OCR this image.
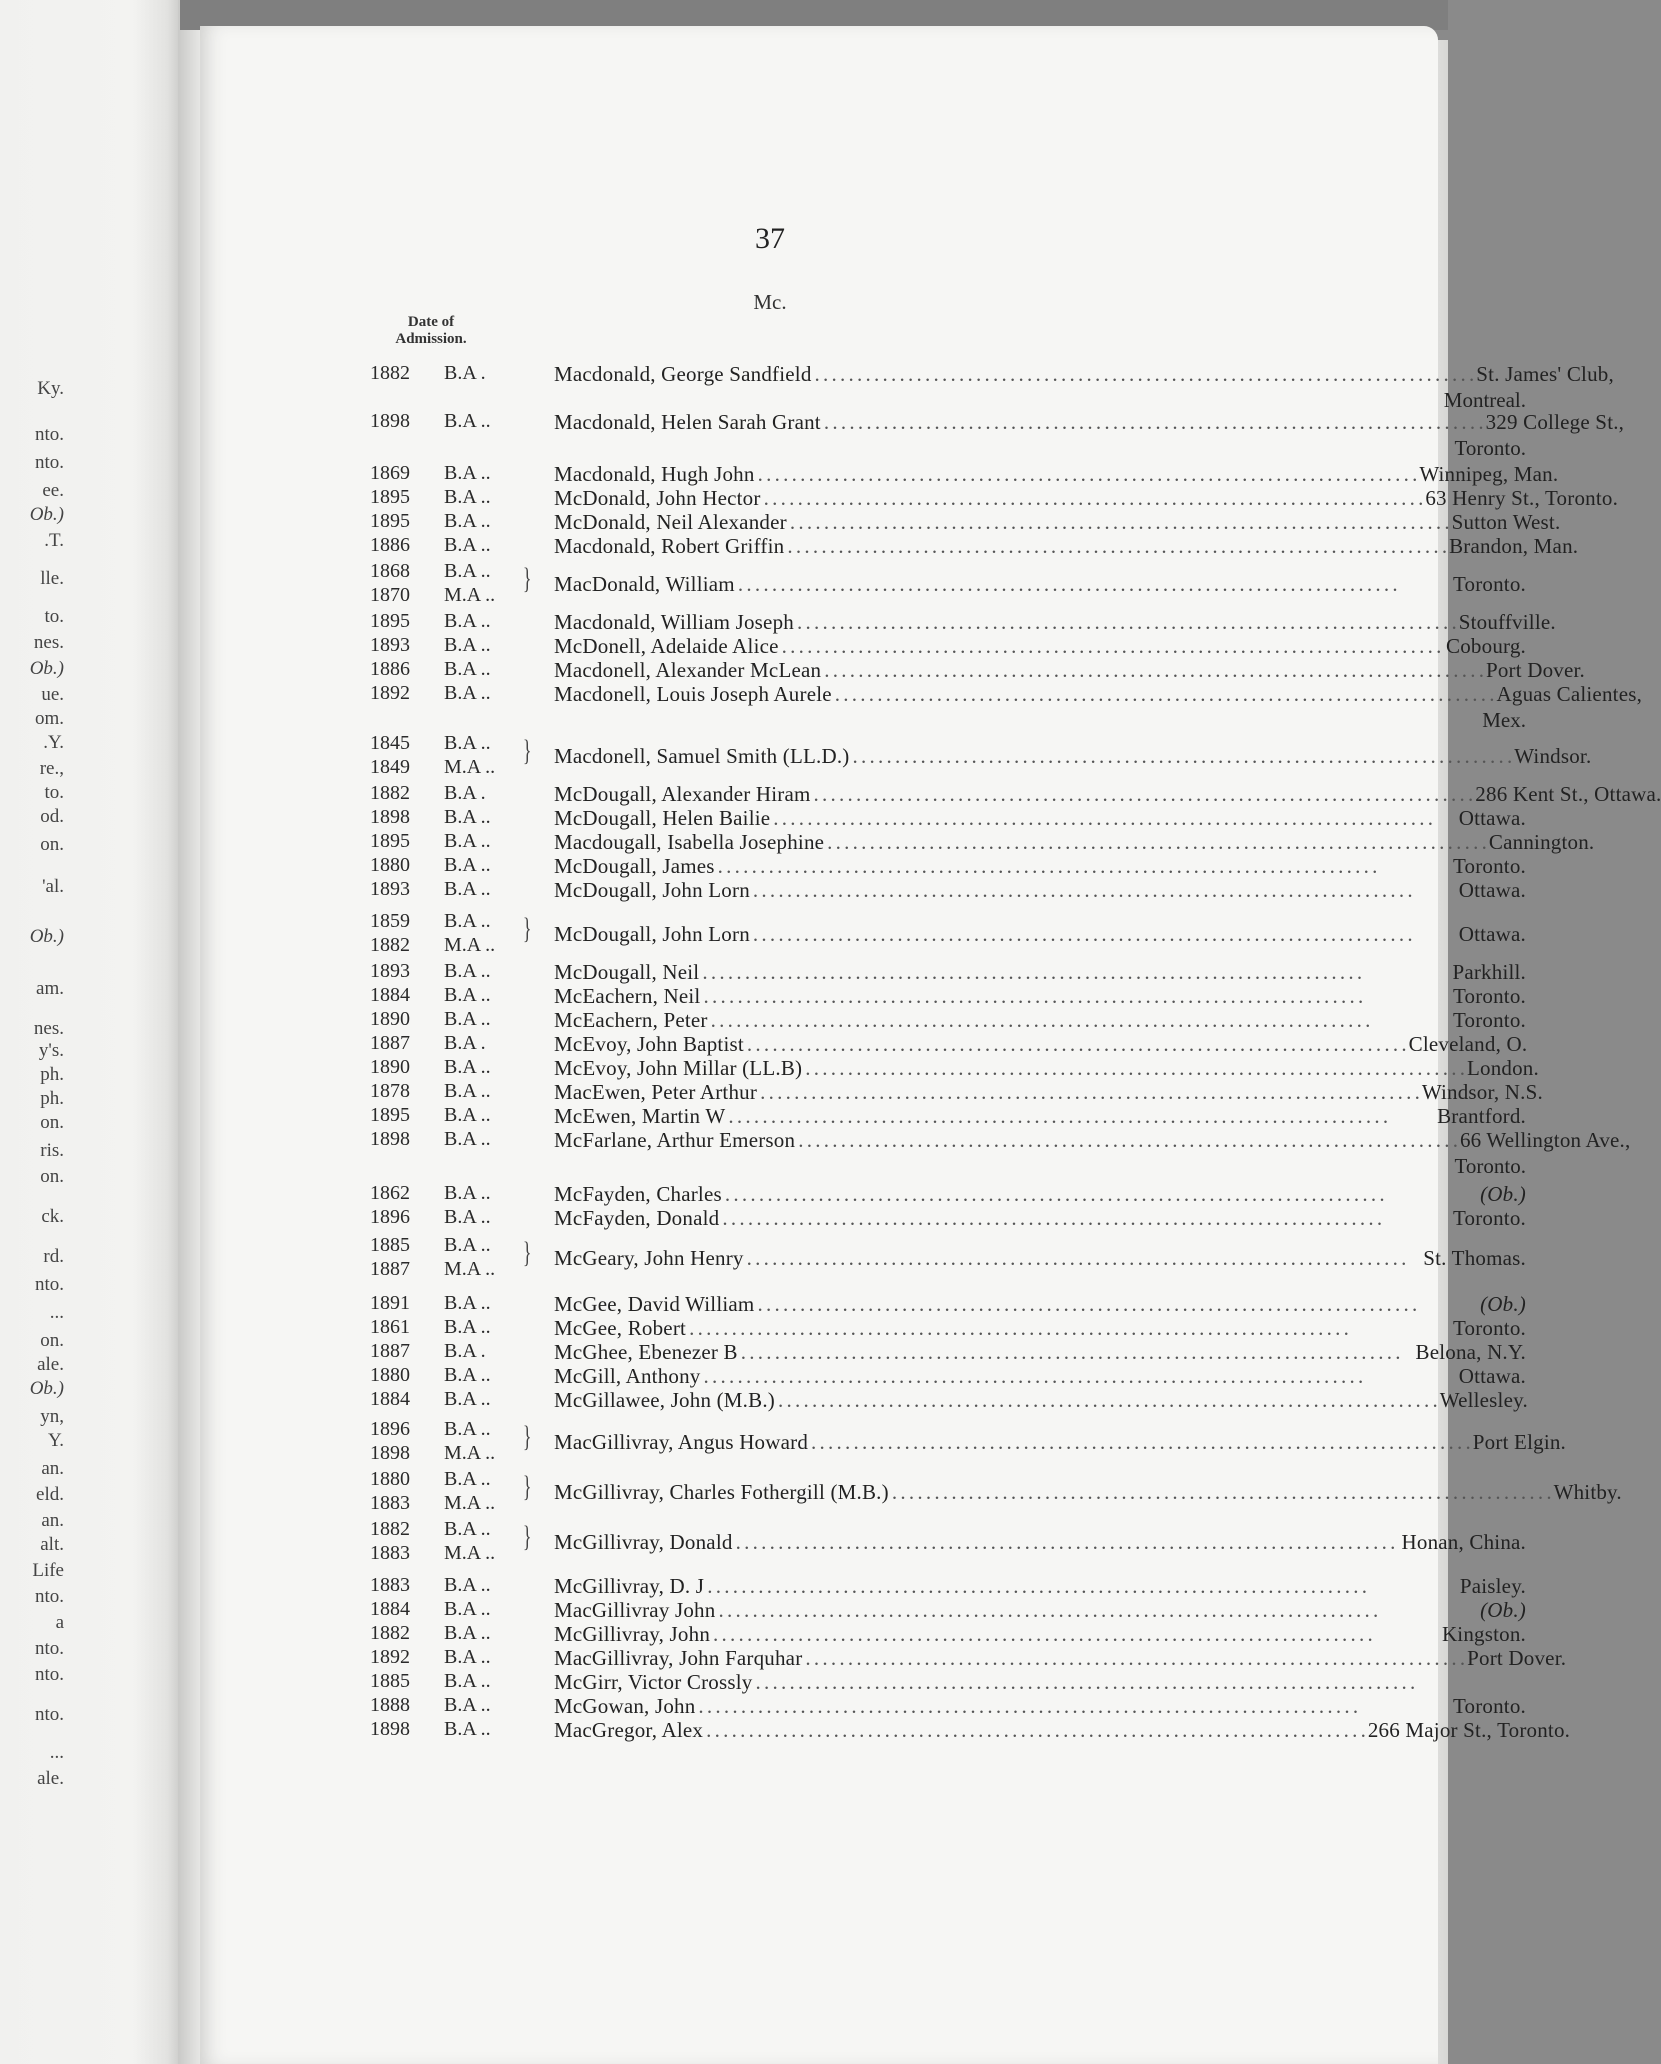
Ky.
nto.
nto.
ee.
Ob.)
.T.
lle.
to.
nes.
Ob.)
ue.
om.
.Y.
re.,
to.
od.
on.
'al.
Ob.)
am.
nes.
y's.
ph.
ph.
on.
ris.
on.
ck.
rd.
nto.
...
on.
ale.
Ob.)
yn,
Y.
an.
eld.
an.
alt.
Life
nto.
a
nto.
nto.
nto.
...
ale.
37
Mc.
Date of
Admission.
1882	B.A .	Macdonald, George Sandfield . . .	St. James' Club,
Montreal.
1898	B.A ..	Macdonald, Helen Sarah Grant . . .	329 College St.,
Toronto.
1869	B.A ..	Macdonald, Hugh John . . .	Winnipeg, Man.
1895	B.A ..	McDonald, John Hector . . .	63 Henry St., Toronto.
1895	B.A ..	McDonald, Neil Alexander . . .	Sutton West.
1886	B.A ..	Macdonald, Robert Griffin . . .	Brandon, Man.
1868	B.A ..
1870	M.A .. } MacDonald, William . . .	Toronto.
1895	B.A ..	Macdonald, William Joseph . . .	Stouffville.
1893	B.A ..	McDonell, Adelaide Alice . . .	Cobourg.
1886	B.A ..	Macdonell, Alexander McLean . . .	Port Dover.
1892	B.A ..	Macdonell, Louis Joseph Aurele . . .	Aguas Calientes,
Mex.
1845	B.A ..
1849	M.A .. } Macdonell, Samuel Smith (LL.D.) . . .	Windsor.
1882	B.A .	McDougall, Alexander Hiram . . .	286 Kent St., Ottawa.
1898	B.A ..	McDougall, Helen Bailie . . .	Ottawa.
1895	B.A ..	Macdougall, Isabella Josephine . . .	Cannington.
1880	B.A ..	McDougall, James . . .	Toronto.
1893	B.A ..	McDougall, John Lorn . . .	Ottawa.
1859	B.A ..
1882	M.A .. } McDougall, John Lorn . . .	Ottawa.
1893	B.A ..	McDougall, Neil . . .	Parkhill.
1884	B.A ..	McEachern, Neil . . .	Toronto.
1890	B.A ..	McEachern, Peter . . .	Toronto.
1887	B.A .	McEvoy, John Baptist . . .	Cleveland, O.
1890	B.A ..	McEvoy, John Millar (LL.B) . . .	London.
1878	B.A ..	MacEwen, Peter Arthur . . .	Windsor, N.S.
1895	B.A ..	McEwen, Martin W . . .	Brantford.
1898	B.A ..	McFarlane, Arthur Emerson . . .	66 Wellington Ave.,
Toronto.
1862	B.A ..	McFayden, Charles . . .	(Ob.)
1896	B.A ..	McFayden, Donald . . .	Toronto.
1885	B.A ..
1887	M.A .. } McGeary, John Henry . . .	St. Thomas.
1891	B.A ..	McGee, David William . . .	(Ob.)
1861	B.A ..	McGee, Robert . . .	Toronto.
1887	B.A .	McGhee, Ebenezer B . . .	Belona, N.Y.
1880	B.A ..	McGill, Anthony . . .	Ottawa.
1884	B.A ..	McGillawee, John (M.B.) . . .	Wellesley.
1896	B.A ..
1898	M.A .. } MacGillivray, Angus Howard . . .	Port Elgin.
1880	B.A ..
1883	M.A .. } McGillivray, Charles Fothergill (M.B.) . . .	Whitby.
1882	B.A ..
1883	M.A .. } McGillivray, Donald . . .	Honan, China.
1883	B.A ..	McGillivray, D. J . . .	Paisley.
1884	B.A ..	MacGillivray John . . .	(Ob.)
1882	B.A ..	McGillivray, John . . .	Kingston.
1892	B.A ..	MacGillivray, John Farquhar . . .	Port Dover.
1885	B.A ..	McGirr, Victor Crossly
. . .
1888	B.A ..	McGowan, John . . .	Toronto.
1898	B.A ..	MacGregor, Alex . . .	266 Major St., Toronto.
